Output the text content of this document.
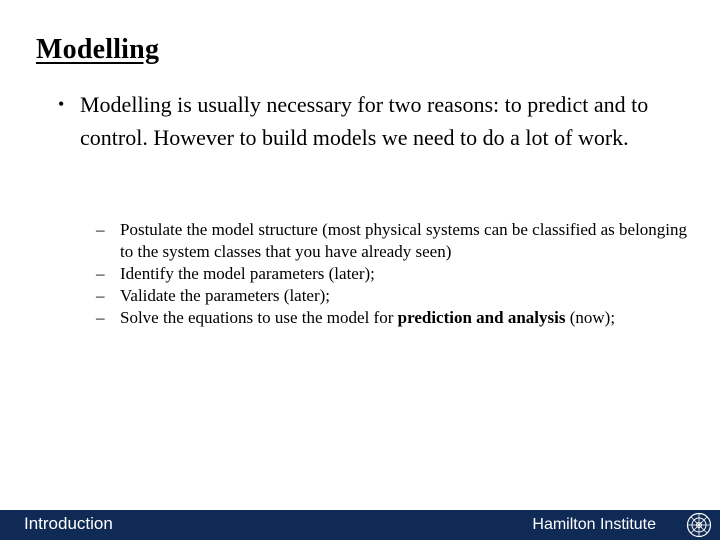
Modelling
• Modelling is usually necessary for two reasons: to predict and to control. However to build models we need to do a lot of work.
– Postulate the model structure (most physical systems can be classified as belonging to the system classes that you have already seen)
– Identify the model parameters (later);
– Validate the parameters (later);
– Solve the equations to use the model for prediction and analysis (now);
Introduction	Hamilton Institute
